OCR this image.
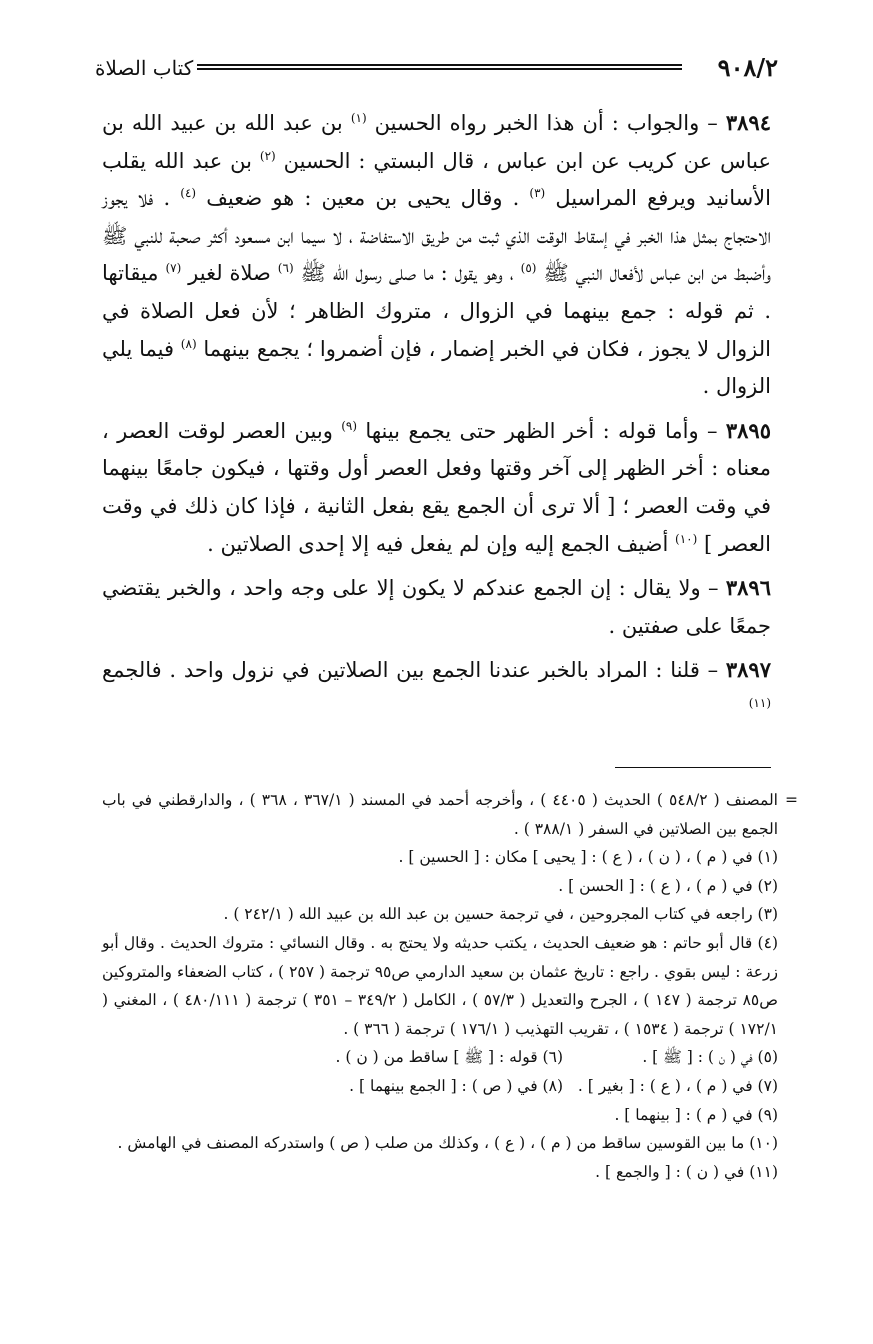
٩٠٨/٢
كتاب الصلاة

٣٨٩٤ – والجواب : أن هذا الخبر رواه الحسين $^{(١)}$ بن عبد الله بن عبيد الله بن عباس عن كريب عن ابن عباس ، قال البستي : الحسين $^{(٢)}$ بن عبد الله يقلب الأسانيد ويرفع المراسيل $^{(٣)}$ . وقال يحيى بن معين : هو ضعيف $^{(٤)}$ . فلا يجوز الاحتجاج بمثل هذا الخبر في إسقاط الوقت الذي ثبت من طريق الاستفاضة ، لا سيما ابن مسعود أكثر صحبة للنبي ﷺ وأضبط من ابن عباس لأفعال النبي ﷺ $^{(٥)}$ ، وهو يقول : ما صلى رسول الله ﷺ $^{(٦)}$ صلاة لغير $^{(٧)}$ ميقاتها . ثم قوله : جمع بينهما في الزوال ، متروك الظاهر ؛ لأن فعل الصلاة في الزوال لا يجوز ، فكان في الخبر إضمار ، فإن أضمروا ؛ يجمع بينهما $^{(٨)}$ فيما يلي الزوال .

٣٨٩٥ – وأما قوله : أخر الظهر حتى يجمع بينها $^{(٩)}$ وبين العصر لوقت العصر ، معناه : أخر الظهر إلى آخر وقتها وفعل العصر أول وقتها ، فيكون جامعًا بينهما في وقت العصر ؛ [ ألا ترى أن الجمع يقع بفعل الثانية ، فإذا كان ذلك في وقت العصر ] $^{(١٠)}$ أضيف الجمع إليه وإن لم يفعل فيه إلا إحدى الصلاتين .

٣٨٩٦ – ولا يقال : إن الجمع عندكم لا يكون إلا على وجه واحد ، والخبر يقتضي جمعًا على صفتين .

٣٨٩٧ – قلنا : المراد بالخبر عندنا الجمع بين الصلاتين في نزول واحد . فالجمع $^{(١١)}$

=
المصنف ( ٥٤٨/٢ ) الحديث ( ٤٤٠٥ ) ، وأخرجه أحمد في المسند ( ٣٦٧/١ ، ٣٦٨ ) ، والدارقطني في باب الجمع بين الصلاتين في السفر ( ٣٨٨/١ ) .

(١) في ( م ) ، ( ن ) ، ( ع ) : [ يحيى ] مكان : [ الحسين ] .

(٢) في ( م ) ، ( ع ) : [ الحسن ] .

(٣) راجعه في كتاب المجروحين ، في ترجمة حسين بن عبد الله بن عبيد الله ( ٢٤٢/١ ) .

(٤) قال أبو حاتم : هو ضعيف الحديث ، يكتب حديثه ولا يحتج به . وقال النسائي : متروك الحديث . وقال أبو زرعة : ليس بقوي . راجع : تاريخ عثمان بن سعيد الدارمي ص٩٥ ترجمة ( ٢٥٧ ) ، كتاب الضعفاء والمتروكين ص٨٥ ترجمة ( ١٤٧ ) ، الجرح والتعديل ( ٥٧/٣ ) ، الكامل ( ٣٤٩/٢ – ٣٥١ ) ترجمة ( ٤٨٠/١١١ ) ، المغني ( ١٧٢/١ ) ترجمة ( ١٥٣٤ ) ، تقريب التهذيب ( ١٧٦/١ ) ترجمة ( ٣٦٦ ) .

(٥) في ( ن ) : [ ﷺ ] .
(٦) قوله : [ ﷺ ] ساقط من ( ن ) .

(٧) في ( م ) ، ( ع ) : [ بغير ] .
(٨) في ( ص ) : [ الجمع بينهما ] .

(٩) في ( م ) : [ بينهما ] .

(١٠) ما بين القوسين ساقط من ( م ) ، ( ع ) ، وكذلك من صلب ( ص ) واستدركه المصنف في الهامش .

(١١) في ( ن ) : [ والجمع ] .
